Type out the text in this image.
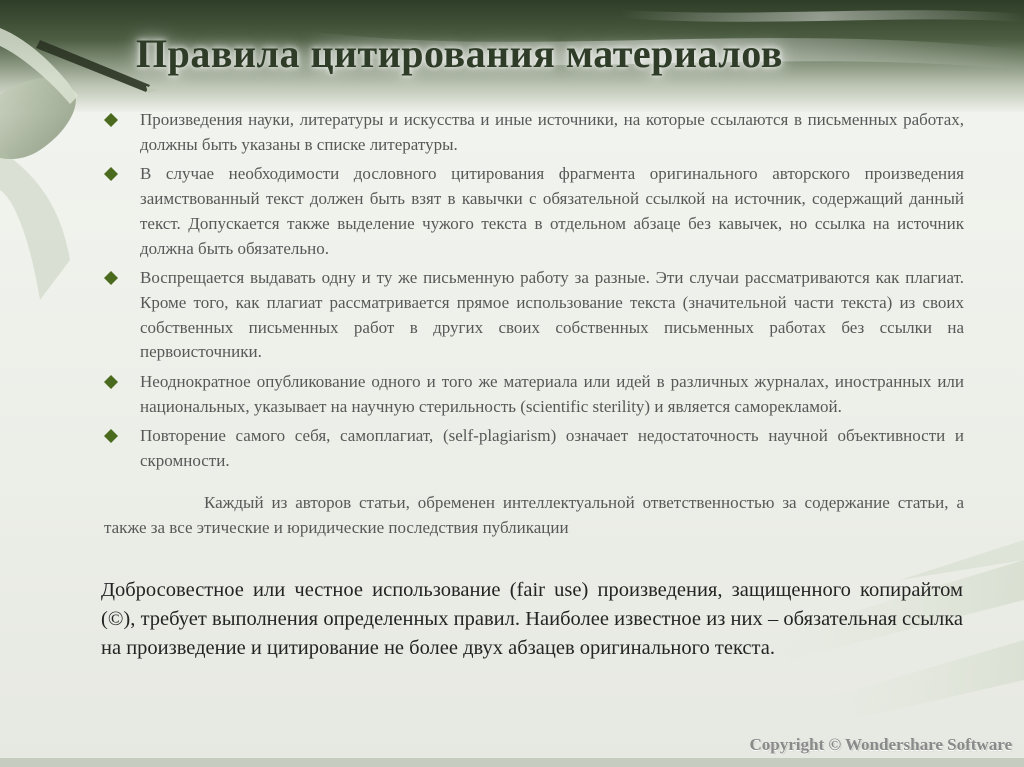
Правила цитирования материалов
Произведения науки, литературы и искусства и иные источники, на которые ссылаются в письменных работах, должны быть указаны в списке литературы.
В случае необходимости дословного цитирования фрагмента оригинального авторского произведения заимствованный текст должен быть взят в кавычки с обязательной ссылкой на источник, содержащий данный текст. Допускается также выделение чужого текста в отдельном абзаце без кавычек, но ссылка на источник должна быть обязательно.
Воспрещается выдавать одну и ту же письменную работу за разные. Эти случаи рассматриваются как плагиат. Кроме того, как плагиат рассматривается прямое использование текста (значительной части текста) из своих собственных письменных работ в других своих собственных письменных работах без ссылки на первоисточники.
Неоднократное опубликование одного и того же материала или идей в различных журналах, иностранных или национальных, указывает на научную стерильность (scientific sterility) и является саморекламой.
Повторение самого себя, самоплагиат, (self-plagiarism) означает недостаточность научной объективности и скромности.

Каждый из авторов статьи, обременен интеллектуальной ответственностью за содержание статьи, а также за все этические и юридические последствия публикации

Добросовестное или честное использование (fair use) произведения, защищенного копирайтом (©), требует выполнения определенных правил. Наиболее известное из них – обязательная ссылка на произведение и цитирование не более двух абзацев оригинального текста.

Copyright © Wondershare Software
